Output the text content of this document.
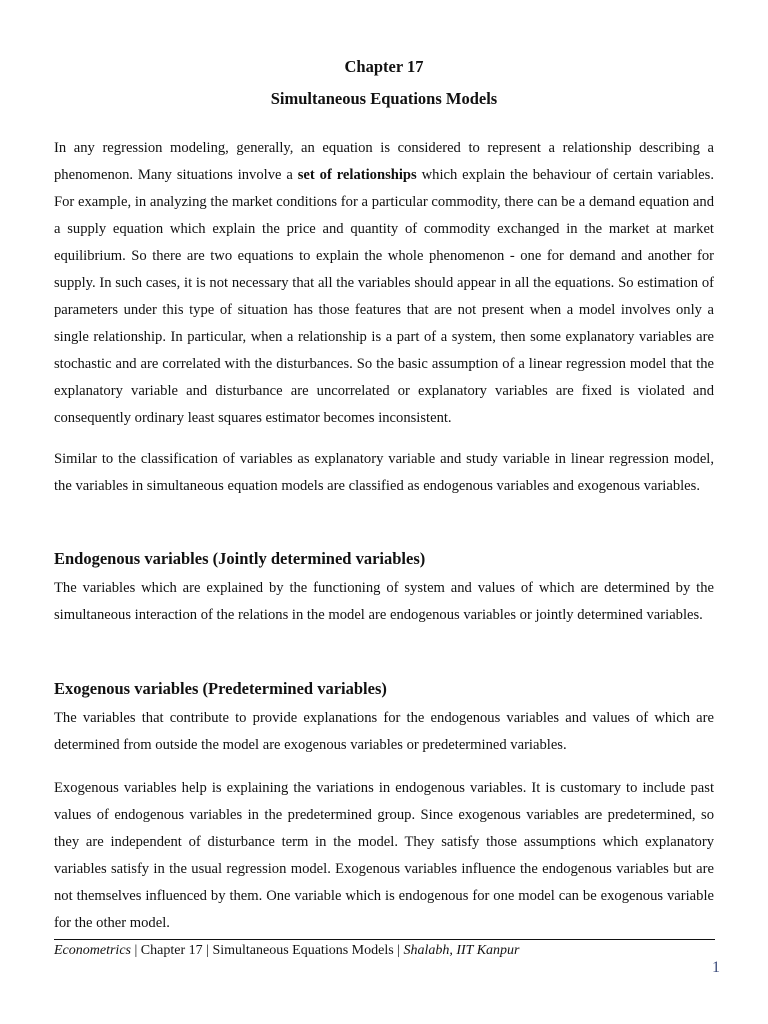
Chapter 17
Simultaneous Equations Models

In any regression modeling, generally, an equation is considered to represent a relationship describing a phenomenon. Many situations involve a set of relationships which explain the behaviour of certain variables. For example, in analyzing the market conditions for a particular commodity, there can be a demand equation and a supply equation which explain the price and quantity of commodity exchanged in the market at market equilibrium. So there are two equations to explain the whole phenomenon - one for demand and another for supply. In such cases, it is not necessary that all the variables should appear in all the equations. So estimation of parameters under this type of situation has those features that are not present when a model involves only a single relationship. In particular, when a relationship is a part of a system, then some explanatory variables are stochastic and are correlated with the disturbances. So the basic assumption of a linear regression model that the explanatory variable and disturbance are uncorrelated or explanatory variables are fixed is violated and consequently ordinary least squares estimator becomes inconsistent.

Similar to the classification of variables as explanatory variable and study variable in linear regression model, the variables in simultaneous equation models are classified as endogenous variables and exogenous variables.

Endogenous variables (Jointly determined variables)

The variables which are explained by the functioning of system and values of which are determined by the simultaneous interaction of the relations in the model are endogenous variables or jointly determined variables.

Exogenous variables (Predetermined variables)

The variables that contribute to provide explanations for the endogenous variables and values of which are determined from outside the model are exogenous variables or predetermined variables.

Exogenous variables help is explaining the variations in endogenous variables. It is customary to include past values of endogenous variables in the predetermined group. Since exogenous variables are predetermined, so they are independent of disturbance term in the model. They satisfy those assumptions which explanatory variables satisfy in the usual regression model. Exogenous variables influence the endogenous variables but are not themselves influenced by them. One variable which is endogenous for one model can be exogenous variable for the other model.

Econometrics | Chapter 17 | Simultaneous Equations Models | Shalabh, IIT Kanpur

1
